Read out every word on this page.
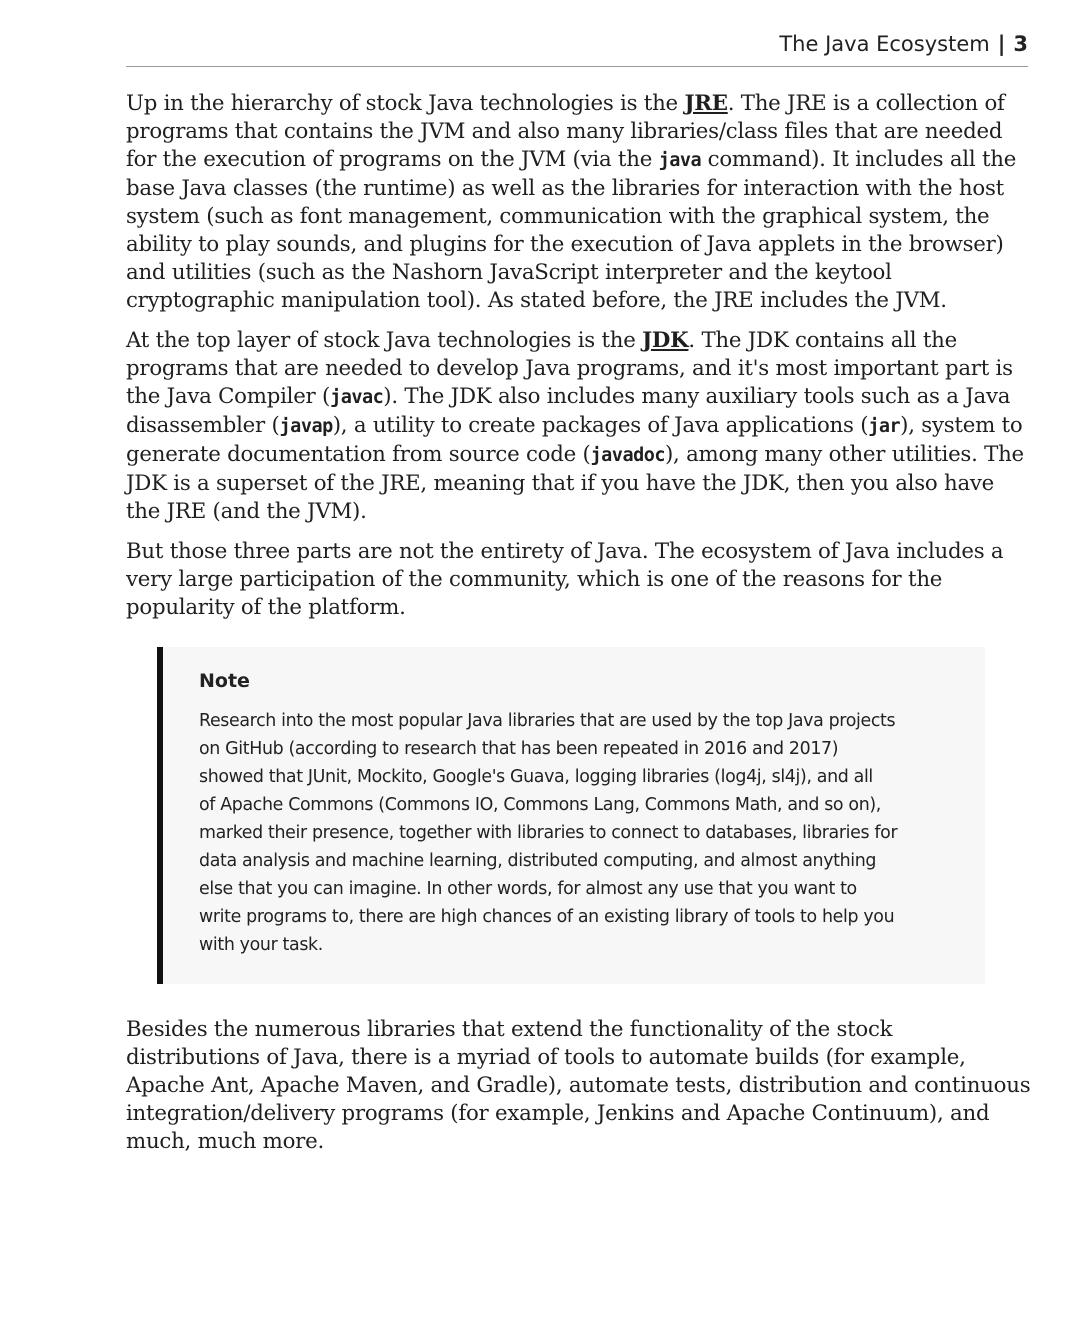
The Java Ecosystem | 3

Up in the hierarchy of stock Java technologies is the JRE. The JRE is a collection of programs that contains the JVM and also many libraries/class files that are needed for the execution of programs on the JVM (via the java command). It includes all the base Java classes (the runtime) as well as the libraries for interaction with the host system (such as font management, communication with the graphical system, the ability to play sounds, and plugins for the execution of Java applets in the browser) and utilities (such as the Nashorn JavaScript interpreter and the keytool cryptographic manipulation tool). As stated before, the JRE includes the JVM.

At the top layer of stock Java technologies is the JDK. The JDK contains all the programs that are needed to develop Java programs, and it's most important part is the Java Compiler (javac). The JDK also includes many auxiliary tools such as a Java disassembler (javap), a utility to create packages of Java applications (jar), system to generate documentation from source code (javadoc), among many other utilities. The JDK is a superset of the JRE, meaning that if you have the JDK, then you also have the JRE (and the JVM).

But those three parts are not the entirety of Java. The ecosystem of Java includes a very large participation of the community, which is one of the reasons for the popularity of the platform.

Note
Research into the most popular Java libraries that are used by the top Java projects
on GitHub (according to research that has been repeated in 2016 and 2017)
showed that JUnit, Mockito, Google's Guava, logging libraries (log4j, sl4j), and all
of Apache Commons (Commons IO, Commons Lang, Commons Math, and so on),
marked their presence, together with libraries to connect to databases, libraries for
data analysis and machine learning, distributed computing, and almost anything
else that you can imagine. In other words, for almost any use that you want to
write programs to, there are high chances of an existing library of tools to help you
with your task.

Besides the numerous libraries that extend the functionality of the stock distributions of Java, there is a myriad of tools to automate builds (for example, Apache Ant, Apache Maven, and Gradle), automate tests, distribution and continuous integration/delivery programs (for example, Jenkins and Apache Continuum), and much, much more.
